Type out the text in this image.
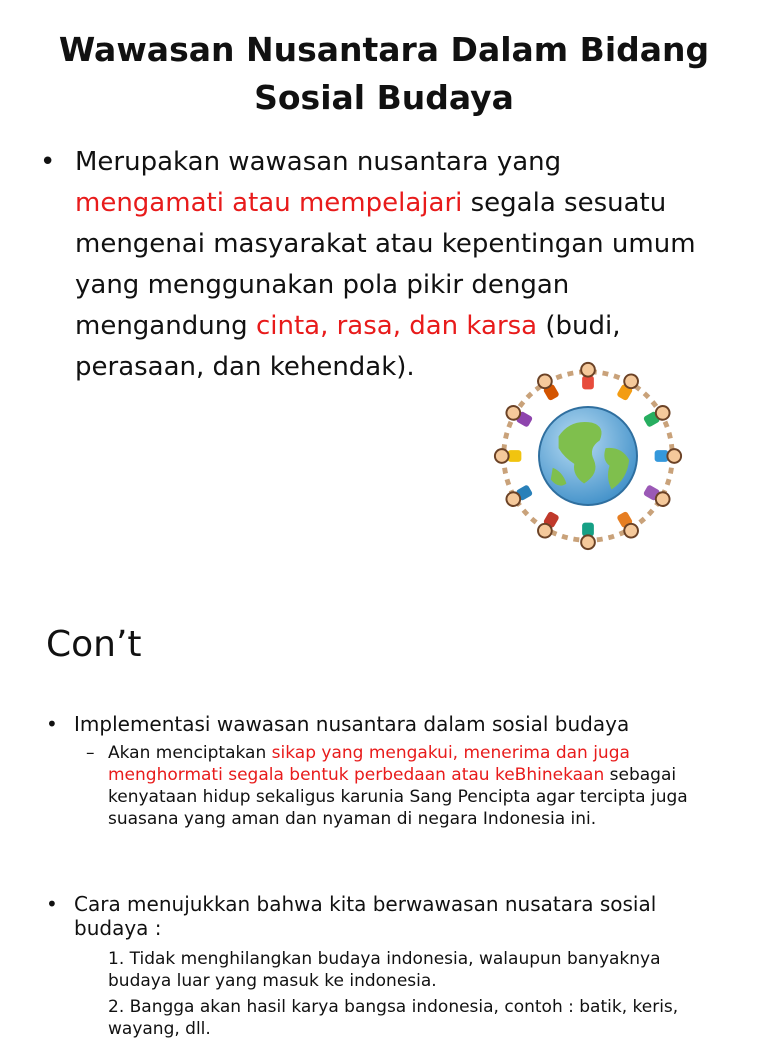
Wawasan Nusantara Dalam Bidang
Sosial Budaya
• Merupakan wawasan nusantara yang
mengamati atau mempelajari segala sesuatu mengenai masyarakat atau kepentingan umum yang menggunakan pola pikir dengan mengandung cinta, rasa, dan karsa (budi, perasaan, dan kehendak).
Con’t
• Implementasi wawasan nusantara dalam sosial budaya
– Akan menciptakan sikap yang mengakui, menerima dan juga menghormati segala bentuk perbedaan atau keBhinekaan sebagai kenyataan hidup sekaligus karunia Sang Pencipta agar tercipta juga suasana yang aman dan nyaman di negara Indonesia ini.
• Cara menujukkan bahwa kita berwawasan nusatara sosial budaya :
1. Tidak menghilangkan budaya indonesia, walaupun banyaknya budaya luar yang masuk ke indonesia.
2. Bangga akan hasil karya bangsa indonesia, contoh : batik, keris, wayang, dll.
